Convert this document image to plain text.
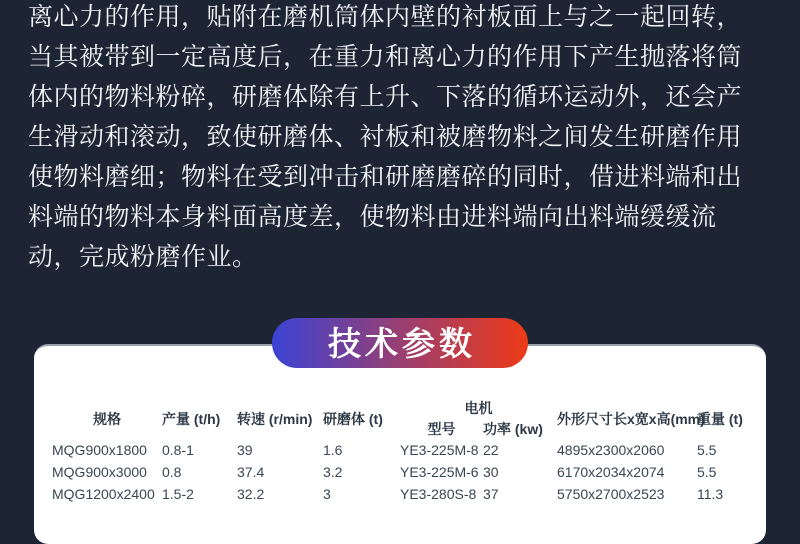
离心力的作用，贴附在磨机筒体内壁的衬板面上与之一起回转，
当其被带到一定高度后，在重力和离心力的作用下产生抛落将筒
体内的物料粉碎，研磨体除有上升、下落的循环运动外，还会产
生滑动和滚动，致使研磨体、衬板和被磨物料之间发生研磨作用
使物料磨细；物料在受到冲击和研磨磨碎的同时，借进料端和出
料端的物料本身料面高度差，使物料由进料端向出料端缓缓流
动，完成粉磨作业。
技术参数
规格	产量 (t/h)	转速 (r/min)	研磨体 (t)	电机		外形尺寸长x宽x高(mm)	重量 (t)
				型号	功率 (kw)		
MQG900x1800	0.8-1	39	1.6	YE3-225M-8	22	4895x2300x2060	5.5
MQG900x3000	0.8	37.4	3.2	YE3-225M-6	30	6170x2034x2074	5.5
MQG1200x2400	1.5-2	32.2	3	YE3-280S-8	37	5750x2700x2523	11.3
